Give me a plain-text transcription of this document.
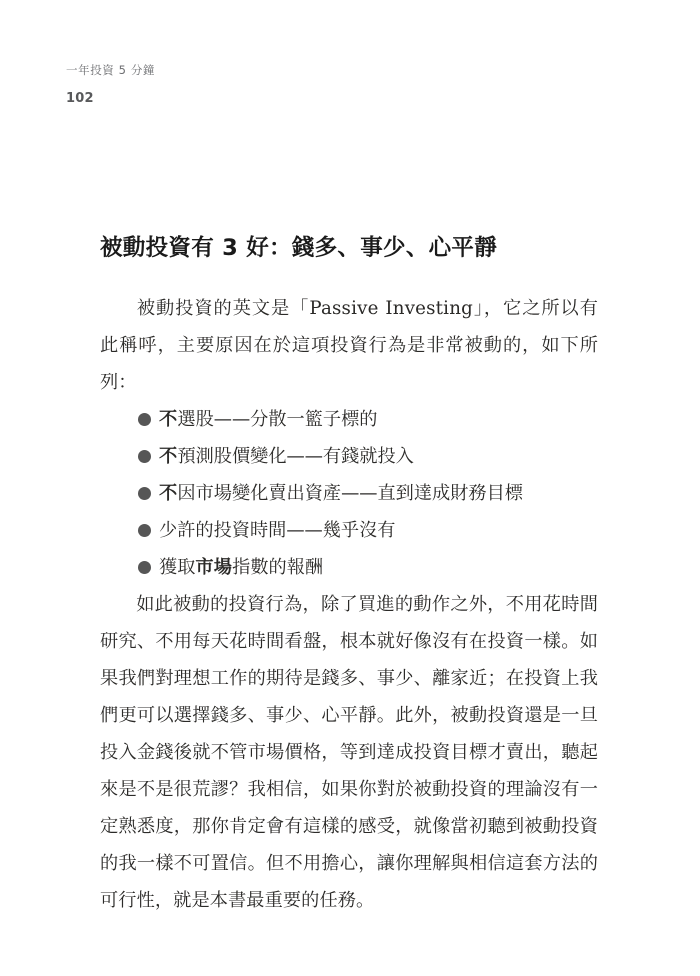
一年投資 5 分鐘
102
被動投資有 3 好：錢多、事少、心平靜

被動投資的英文是「Passive Investing」，它之所以有此稱呼，主要原因在於這項投資行為是非常被動的，如下所列：

不選股——分散一籃子標的
不預測股價變化——有錢就投入
不因市場變化賣出資產——直到達成財務目標
少許的投資時間——幾乎沒有
獲取市場指數的報酬

如此被動的投資行為，除了買進的動作之外，不用花時間研究、不用每天花時間看盤，根本就好像沒有在投資一樣。如果我們對理想工作的期待是錢多、事少、離家近；在投資上我們更可以選擇錢多、事少、心平靜。此外，被動投資還是一旦投入金錢後就不管市場價格，等到達成投資目標才賣出，聽起來是不是很荒謬？我相信，如果你對於被動投資的理論沒有一定熟悉度，那你肯定會有這樣的感受，就像當初聽到被動投資的我一樣不可置信。但不用擔心，讓你理解與相信這套方法的可行性，就是本書最重要的任務。
